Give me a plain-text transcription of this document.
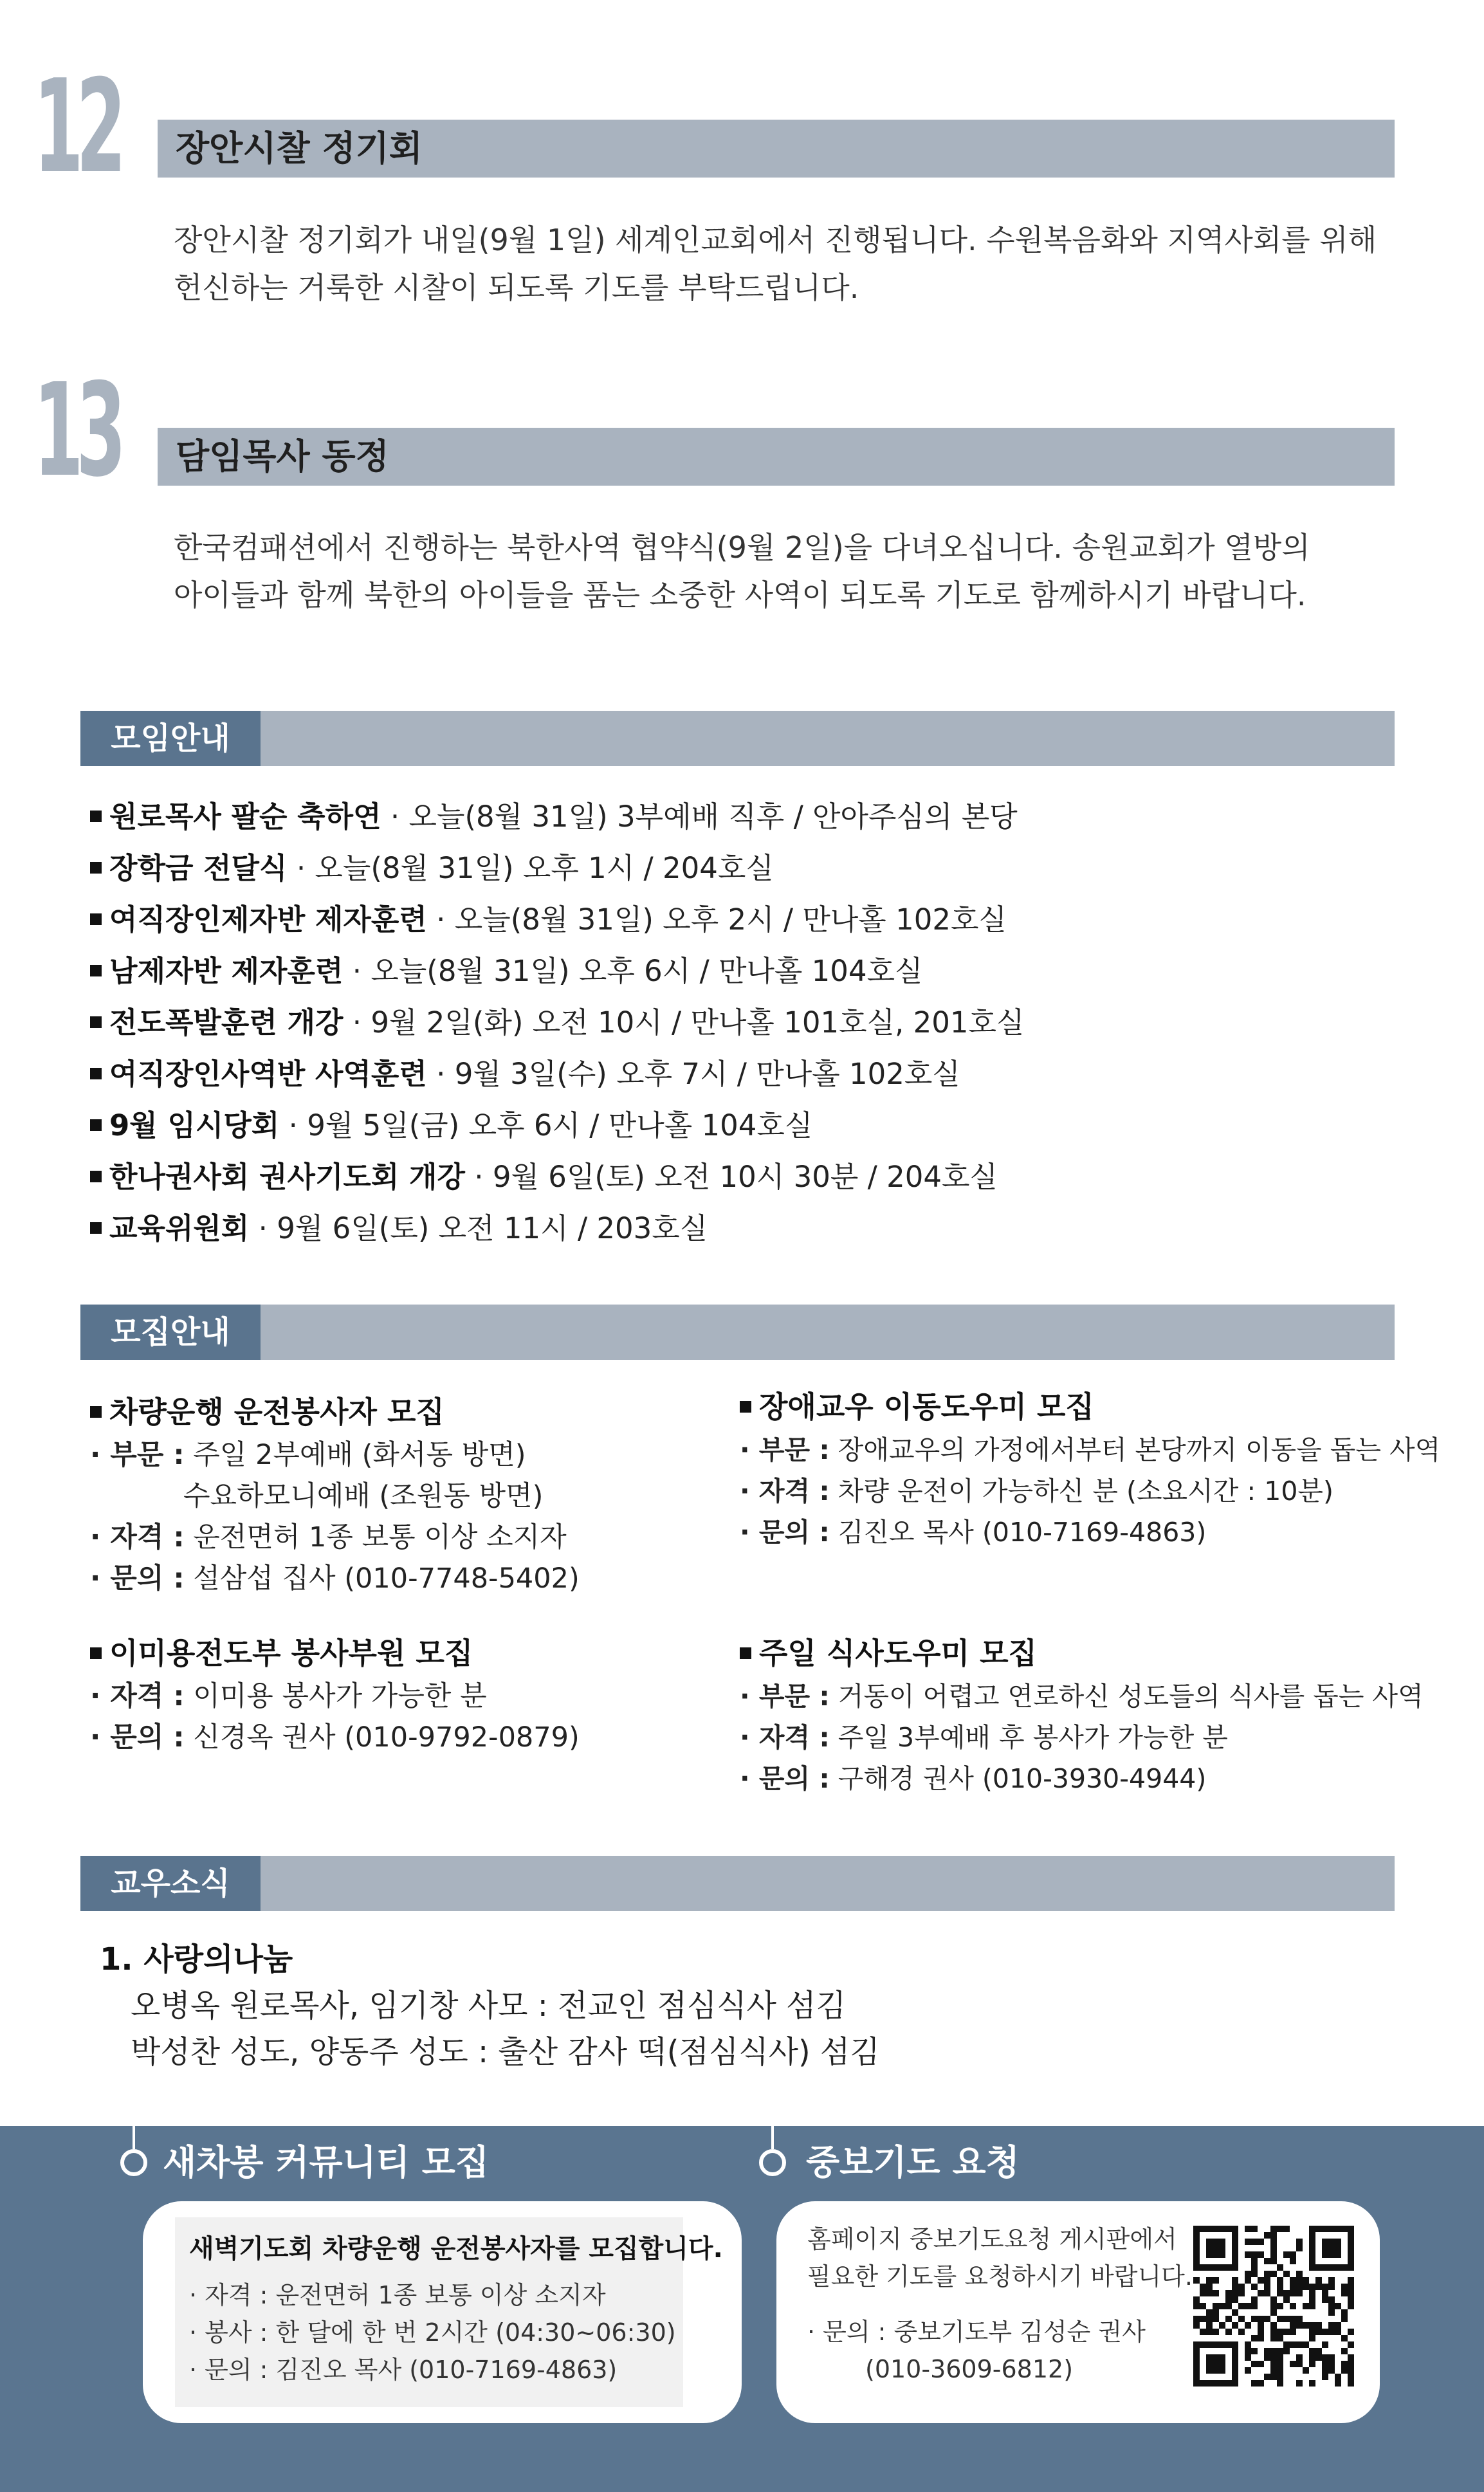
12 장안시찰 정기회
장안시찰 정기회가 내일(9월 1일) 세계인교회에서 진행됩니다. 수원복음화와 지역사회를 위해
헌신하는 거룩한 시찰이 되도록 기도를 부탁드립니다.
13 담임목사 동정
한국컴패션에서 진행하는 북한사역 협약식(9월 2일)을 다녀오십니다. 송원교회가 열방의
아이들과 함께 북한의 아이들을 품는 소중한 사역이 되도록 기도로 함께하시기 바랍니다.
모임안내
원로목사 팔순 축하연 · 오늘(8월 31일) 3부예배 직후 / 안아주심의 본당
장학금 전달식 · 오늘(8월 31일) 오후 1시 / 204호실
여직장인제자반 제자훈련 · 오늘(8월 31일) 오후 2시 / 만나홀 102호실
남제자반 제자훈련 · 오늘(8월 31일) 오후 6시 / 만나홀 104호실
전도폭발훈련 개강 · 9월 2일(화) 오전 10시 / 만나홀 101호실, 201호실
여직장인사역반 사역훈련 · 9월 3일(수) 오후 7시 / 만나홀 102호실
9월 임시당회 · 9월 5일(금) 오후 6시 / 만나홀 104호실
한나권사회 권사기도회 개강 · 9월 6일(토) 오전 10시 30분 / 204호실
교육위원회 · 9월 6일(토) 오전 11시 / 203호실
모집안내
차량운행 운전봉사자 모집
· 부문 : 주일 2부예배 (화서동 방면)
수요하모니예배 (조원동 방면)
· 자격 : 운전면허 1종 보통 이상 소지자
· 문의 : 설삼섭 집사 (010-7748-5402)
장애교우 이동도우미 모집
· 부문 : 장애교우의 가정에서부터 본당까지 이동을 돕는 사역
· 자격 : 차량 운전이 가능하신 분 (소요시간 : 10분)
· 문의 : 김진오 목사 (010-7169-4863)
이미용전도부 봉사부원 모집
· 자격 : 이미용 봉사가 가능한 분
· 문의 : 신경옥 권사 (010-9792-0879)
주일 식사도우미 모집
· 부문 : 거동이 어렵고 연로하신 성도들의 식사를 돕는 사역
· 자격 : 주일 3부예배 후 봉사가 가능한 분
· 문의 : 구해경 권사 (010-3930-4944)
교우소식
1. 사랑의나눔
오병옥 원로목사, 임기창 사모 : 전교인 점심식사 섬김
박성찬 성도, 양동주 성도 : 출산 감사 떡(점심식사) 섬김
새차봉 커뮤니티 모집	중보기도 요청
새벽기도회 차량운행 운전봉사자를 모집합니다.
· 자격 : 운전면허 1종 보통 이상 소지자
· 봉사 : 한 달에 한 번 2시간 (04:30~06:30)
· 문의 : 김진오 목사 (010-7169-4863)
홈페이지 중보기도요청 게시판에서
필요한 기도를 요청하시기 바랍니다.
· 문의 : 중보기도부 김성순 권사
(010-3609-6812)
